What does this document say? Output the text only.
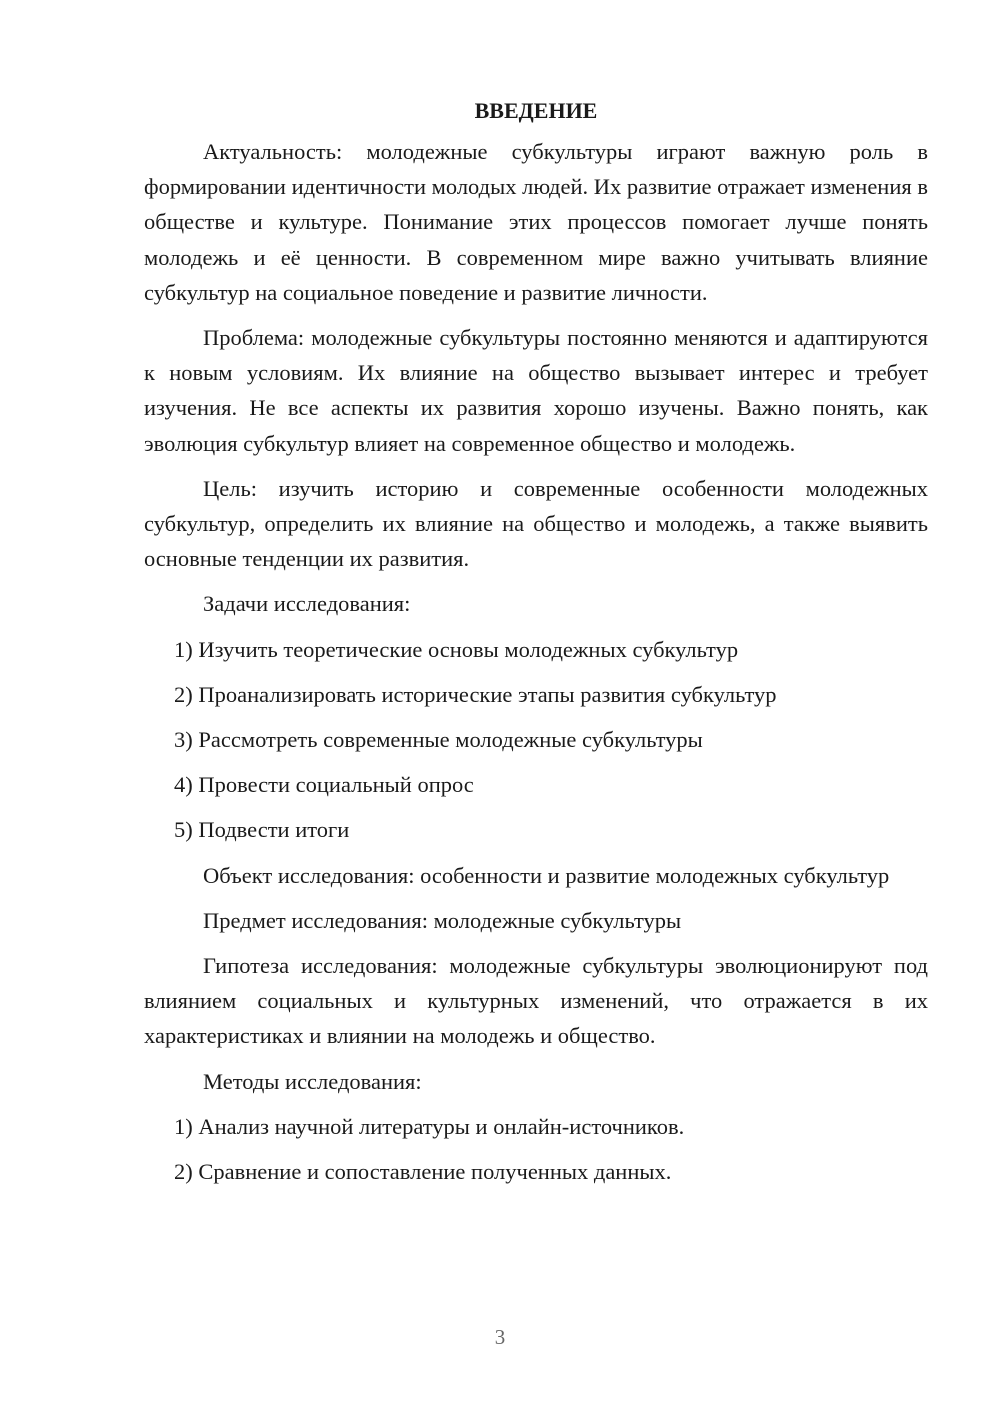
ВВЕДЕНИЕ

Актуальность: молодежные субкультуры играют важную роль в формировании идентичности молодых людей. Их развитие отражает изменения в обществе и культуре. Понимание этих процессов помогает лучше понять молодежь и её ценности. В современном мире важно учитывать влияние субкультур на социальное поведение и развитие личности.

Проблема: молодежные субкультуры постоянно меняются и адаптируются к новым условиям. Их влияние на общество вызывает интерес и требует изучения. Не все аспекты их развития хорошо изучены. Важно понять, как эволюция субкультур влияет на современное общество и молодежь.

Цель: изучить историю и современные особенности молодежных субкультур, определить их влияние на общество и молодежь, а также выявить основные тенденции их развития.

Задачи исследования:

1) Изучить теоретические основы молодежных субкультур

2) Проанализировать исторические этапы развития субкультур

3) Рассмотреть современные молодежные субкультуры

4) Провести социальный опрос

5) Подвести итоги

Объект исследования: особенности и развитие молодежных субкультур

Предмет исследования: молодежные субкультуры

Гипотеза исследования: молодежные субкультуры эволюционируют под влиянием социальных и культурных изменений, что отражается в их характеристиках и влиянии на молодежь и общество.

Методы исследования:

1) Анализ научной литературы и онлайн-источников.

2) Сравнение и сопоставление полученных данных.

3
